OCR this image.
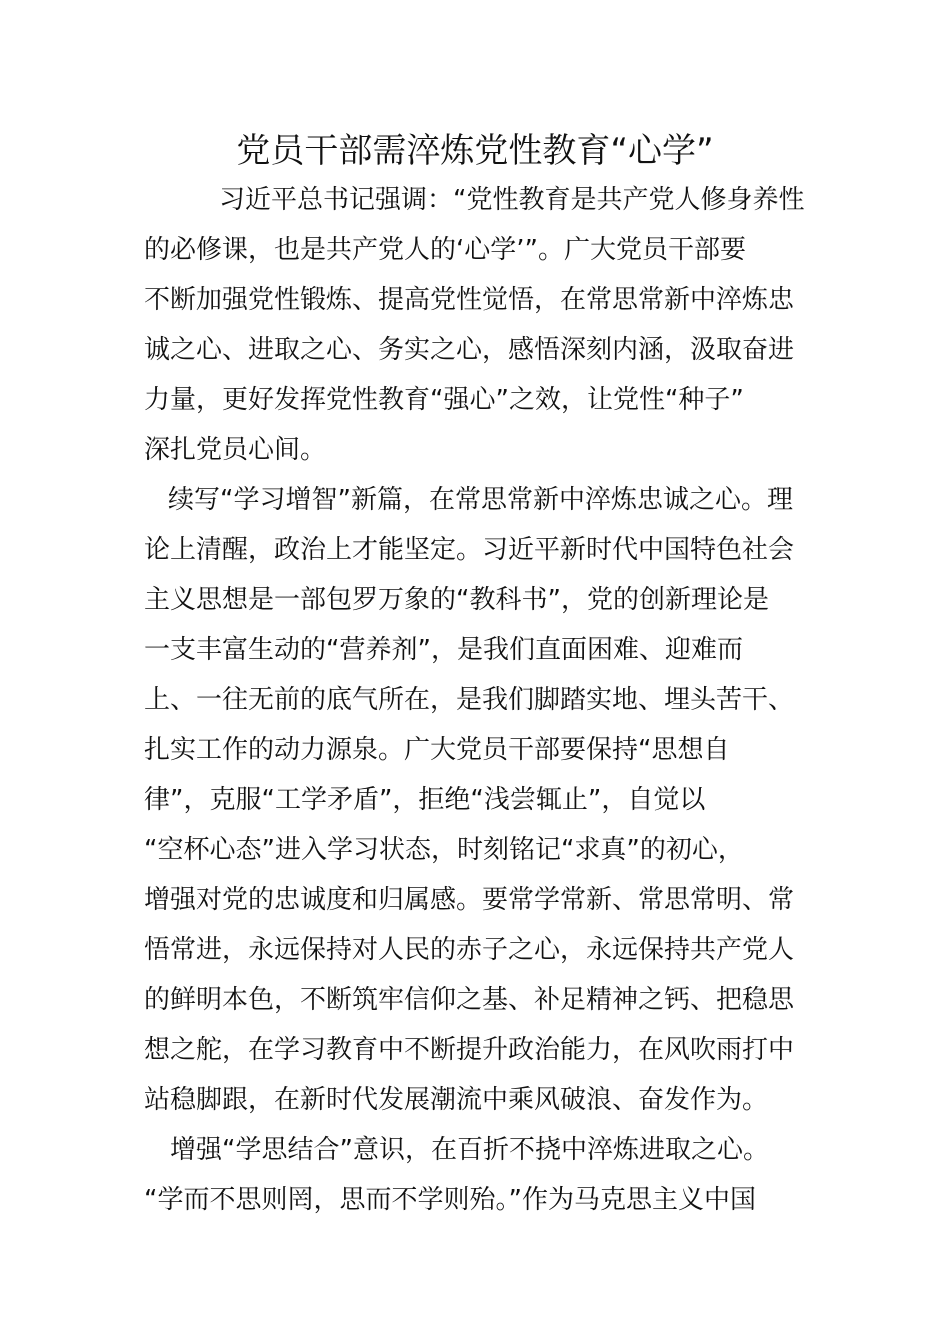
党员干部需淬炼党性教育“心学”

习近平总书记强调：“党性教育是共产党人修身养性

的必修课，也是共产党人的‘心学’”。广大党员干部要

不断加强党性锻炼、提高党性觉悟，在常思常新中淬炼忠

诚之心、进取之心、务实之心，感悟深刻内涵，汲取奋进

力量，更好发挥党性教育“强心”之效，让党性“种子”

深扎党员心间。

续写“学习增智”新篇，在常思常新中淬炼忠诚之心。理

论上清醒，政治上才能坚定。习近平新时代中国特色社会

主义思想是一部包罗万象的“教科书”，党的创新理论是

一支丰富生动的“营养剂”，是我们直面困难、迎难而

上、一往无前的底气所在，是我们脚踏实地、埋头苦干、

扎实工作的动力源泉。广大党员干部要保持“思想自

律”，克服“工学矛盾”，拒绝“浅尝辄止”，自觉以

“空杯心态”进入学习状态，时刻铭记“求真”的初心，

增强对党的忠诚度和归属感。要常学常新、常思常明、常

悟常进，永远保持对人民的赤子之心，永远保持共产党人

的鲜明本色，不断筑牢信仰之基、补足精神之钙、把稳思

想之舵，在学习教育中不断提升政治能力，在风吹雨打中

站稳脚跟，在新时代发展潮流中乘风破浪、奋发作为。

增强“学思结合”意识，在百折不挠中淬炼进取之心。

“学而不思则罔，思而不学则殆。”作为马克思主义中国
